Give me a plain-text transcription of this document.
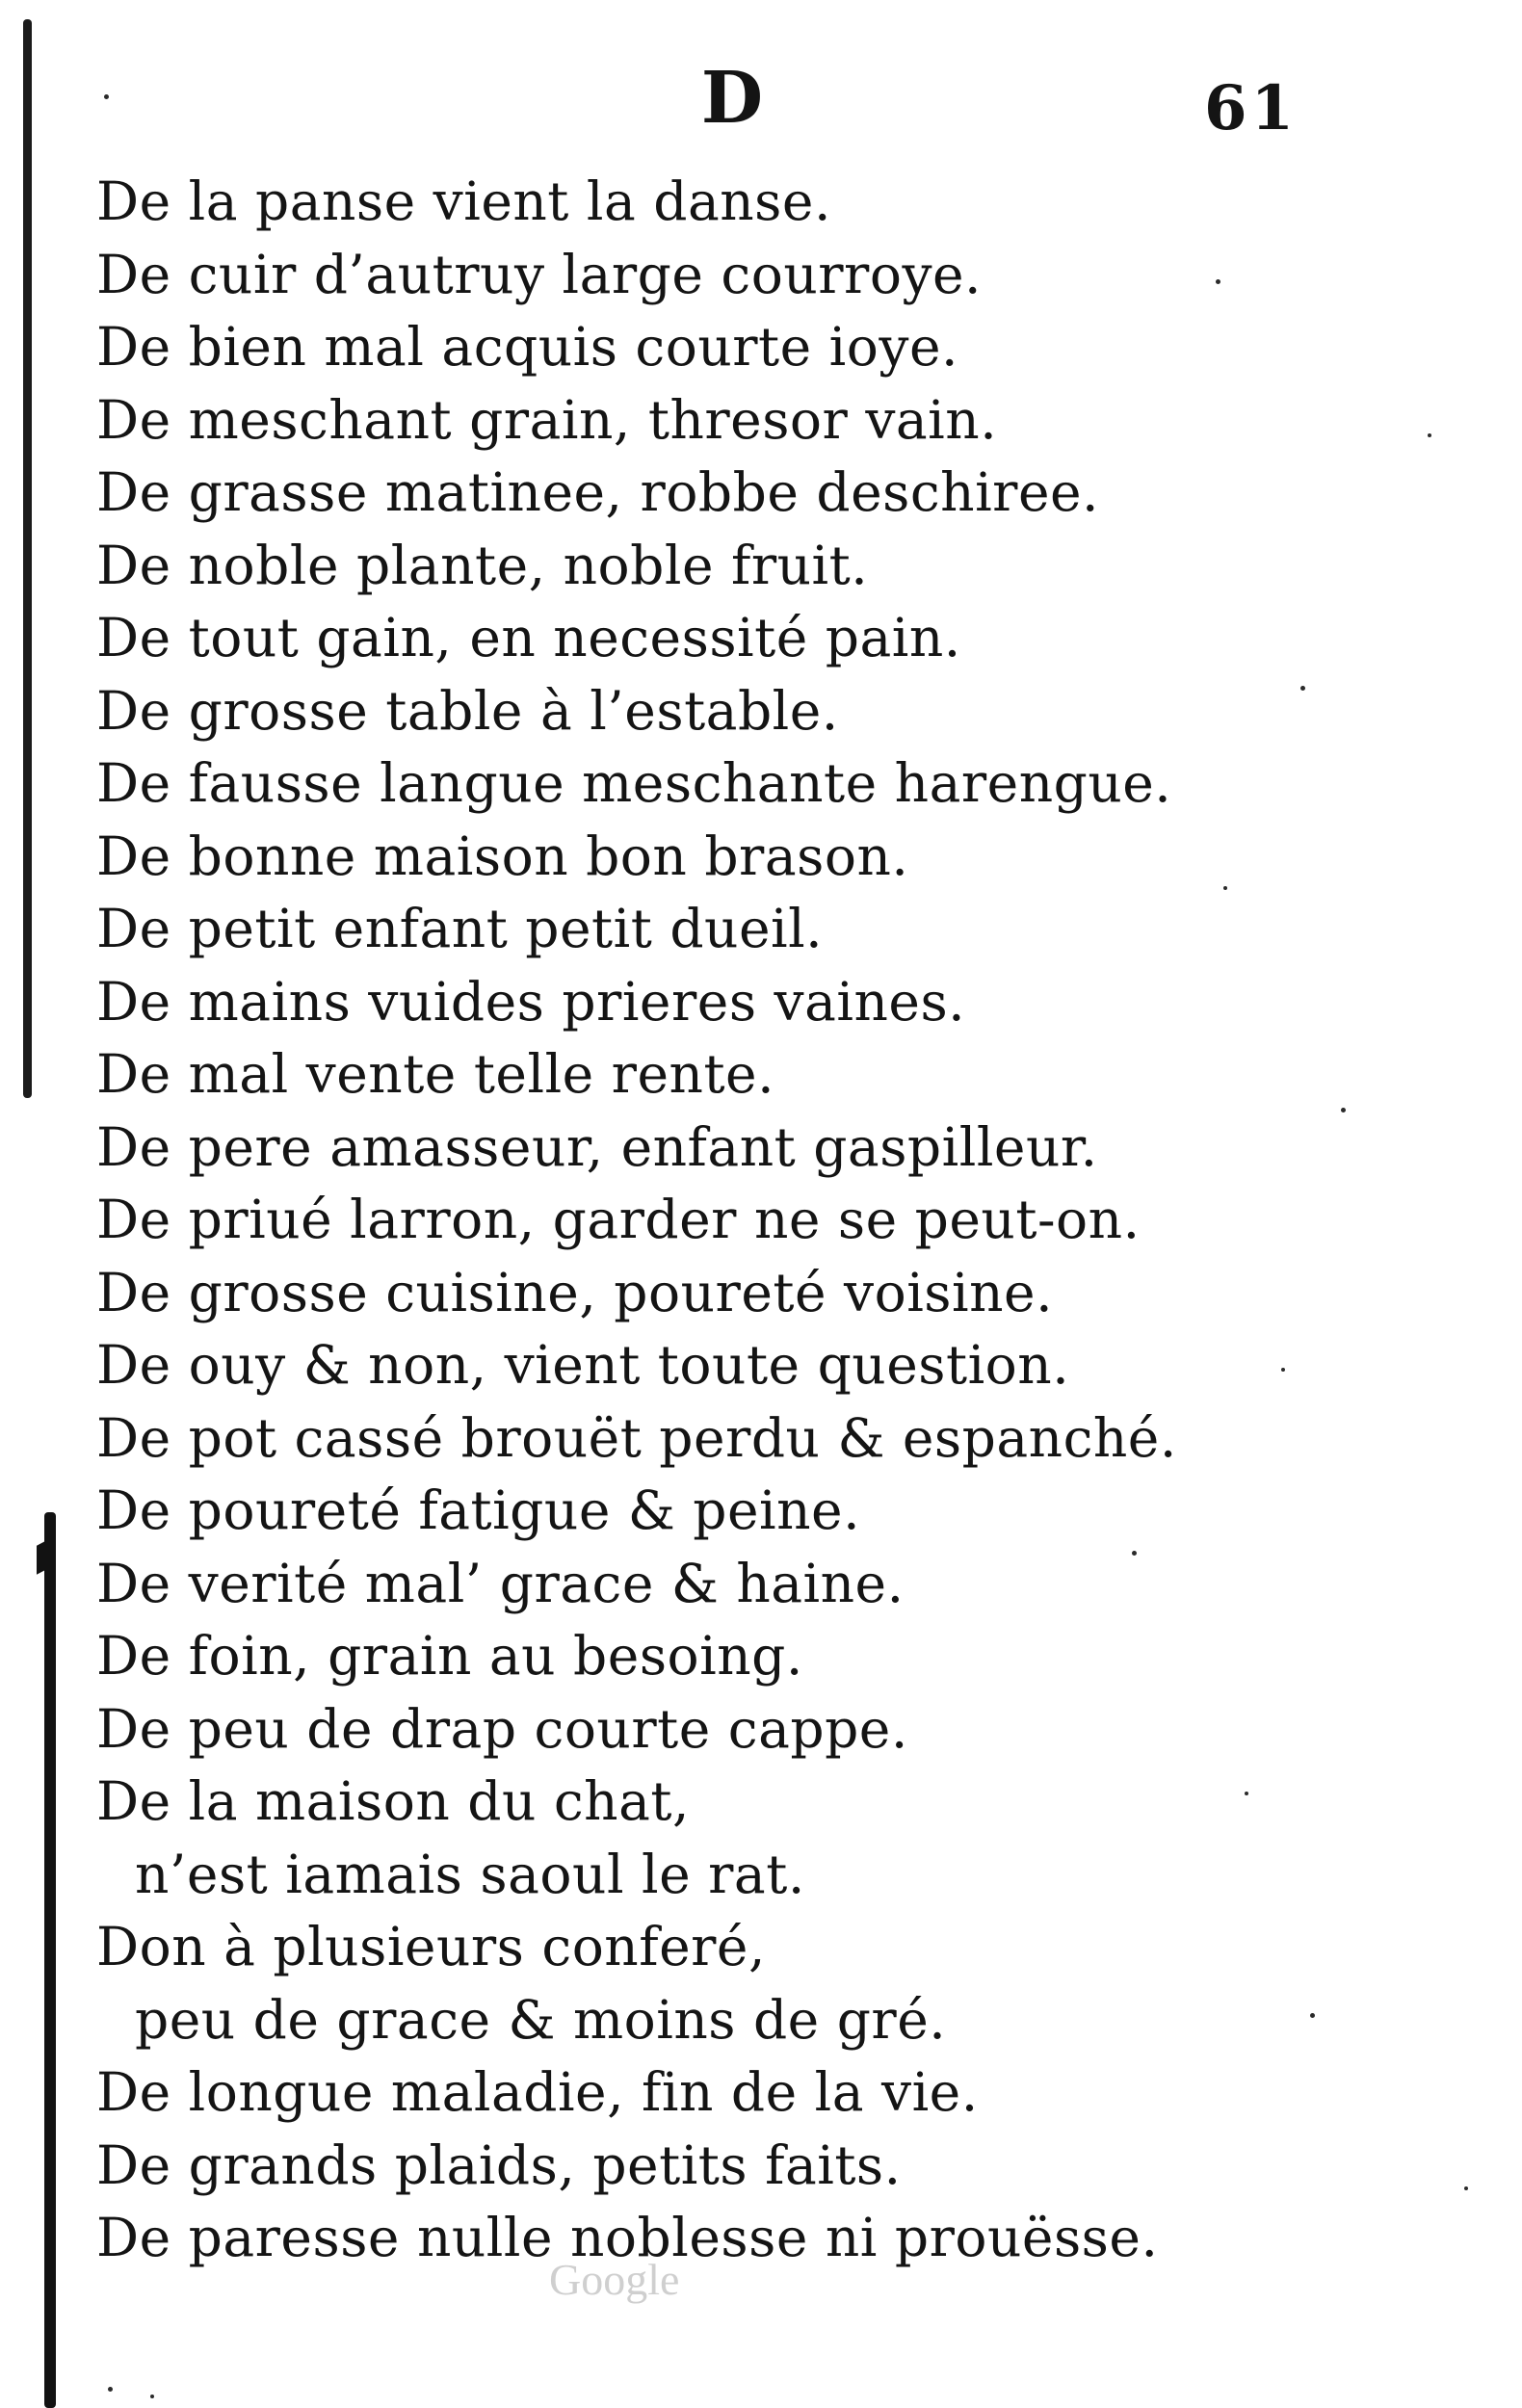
D	61
De la panse vient la danse.
De cuir d’autruy large courroye.
De bien mal acquis courte ioye.
De meschant grain, thresor vain.
De grasse matinee, robbe deschiree.
De noble plante, noble fruit.
De tout gain, en necessité pain.
De grosse table à l’establе.
De fausse langue meschante harengue.
De bonne maison bon brason.
De petit enfant petit dueil.
De mains vuides prieres vaines.
De mal vente telle rente.
De pere amasseur, enfant gaspilleur.
De priué larron, garder ne se peut-on.
De grosse cuisine, poureté voisine.
De ouy & non, vient toute question.
De pot cassé brouët perdu & espanché.
De poureté fatigue & peine.
De verité mal’ grace & haine.
De foin, grain au besoing.
De peu de drap courte cappe.
De la maison du chat,
n’est iamais saoul le rat.
Don à plusieurs conferé,
peu de grace & moins de gré.
De longue maladie, fin de la vie.
De grands plaids, petits faits.
De paresse nulle noblesse ni prouësse.
Google
